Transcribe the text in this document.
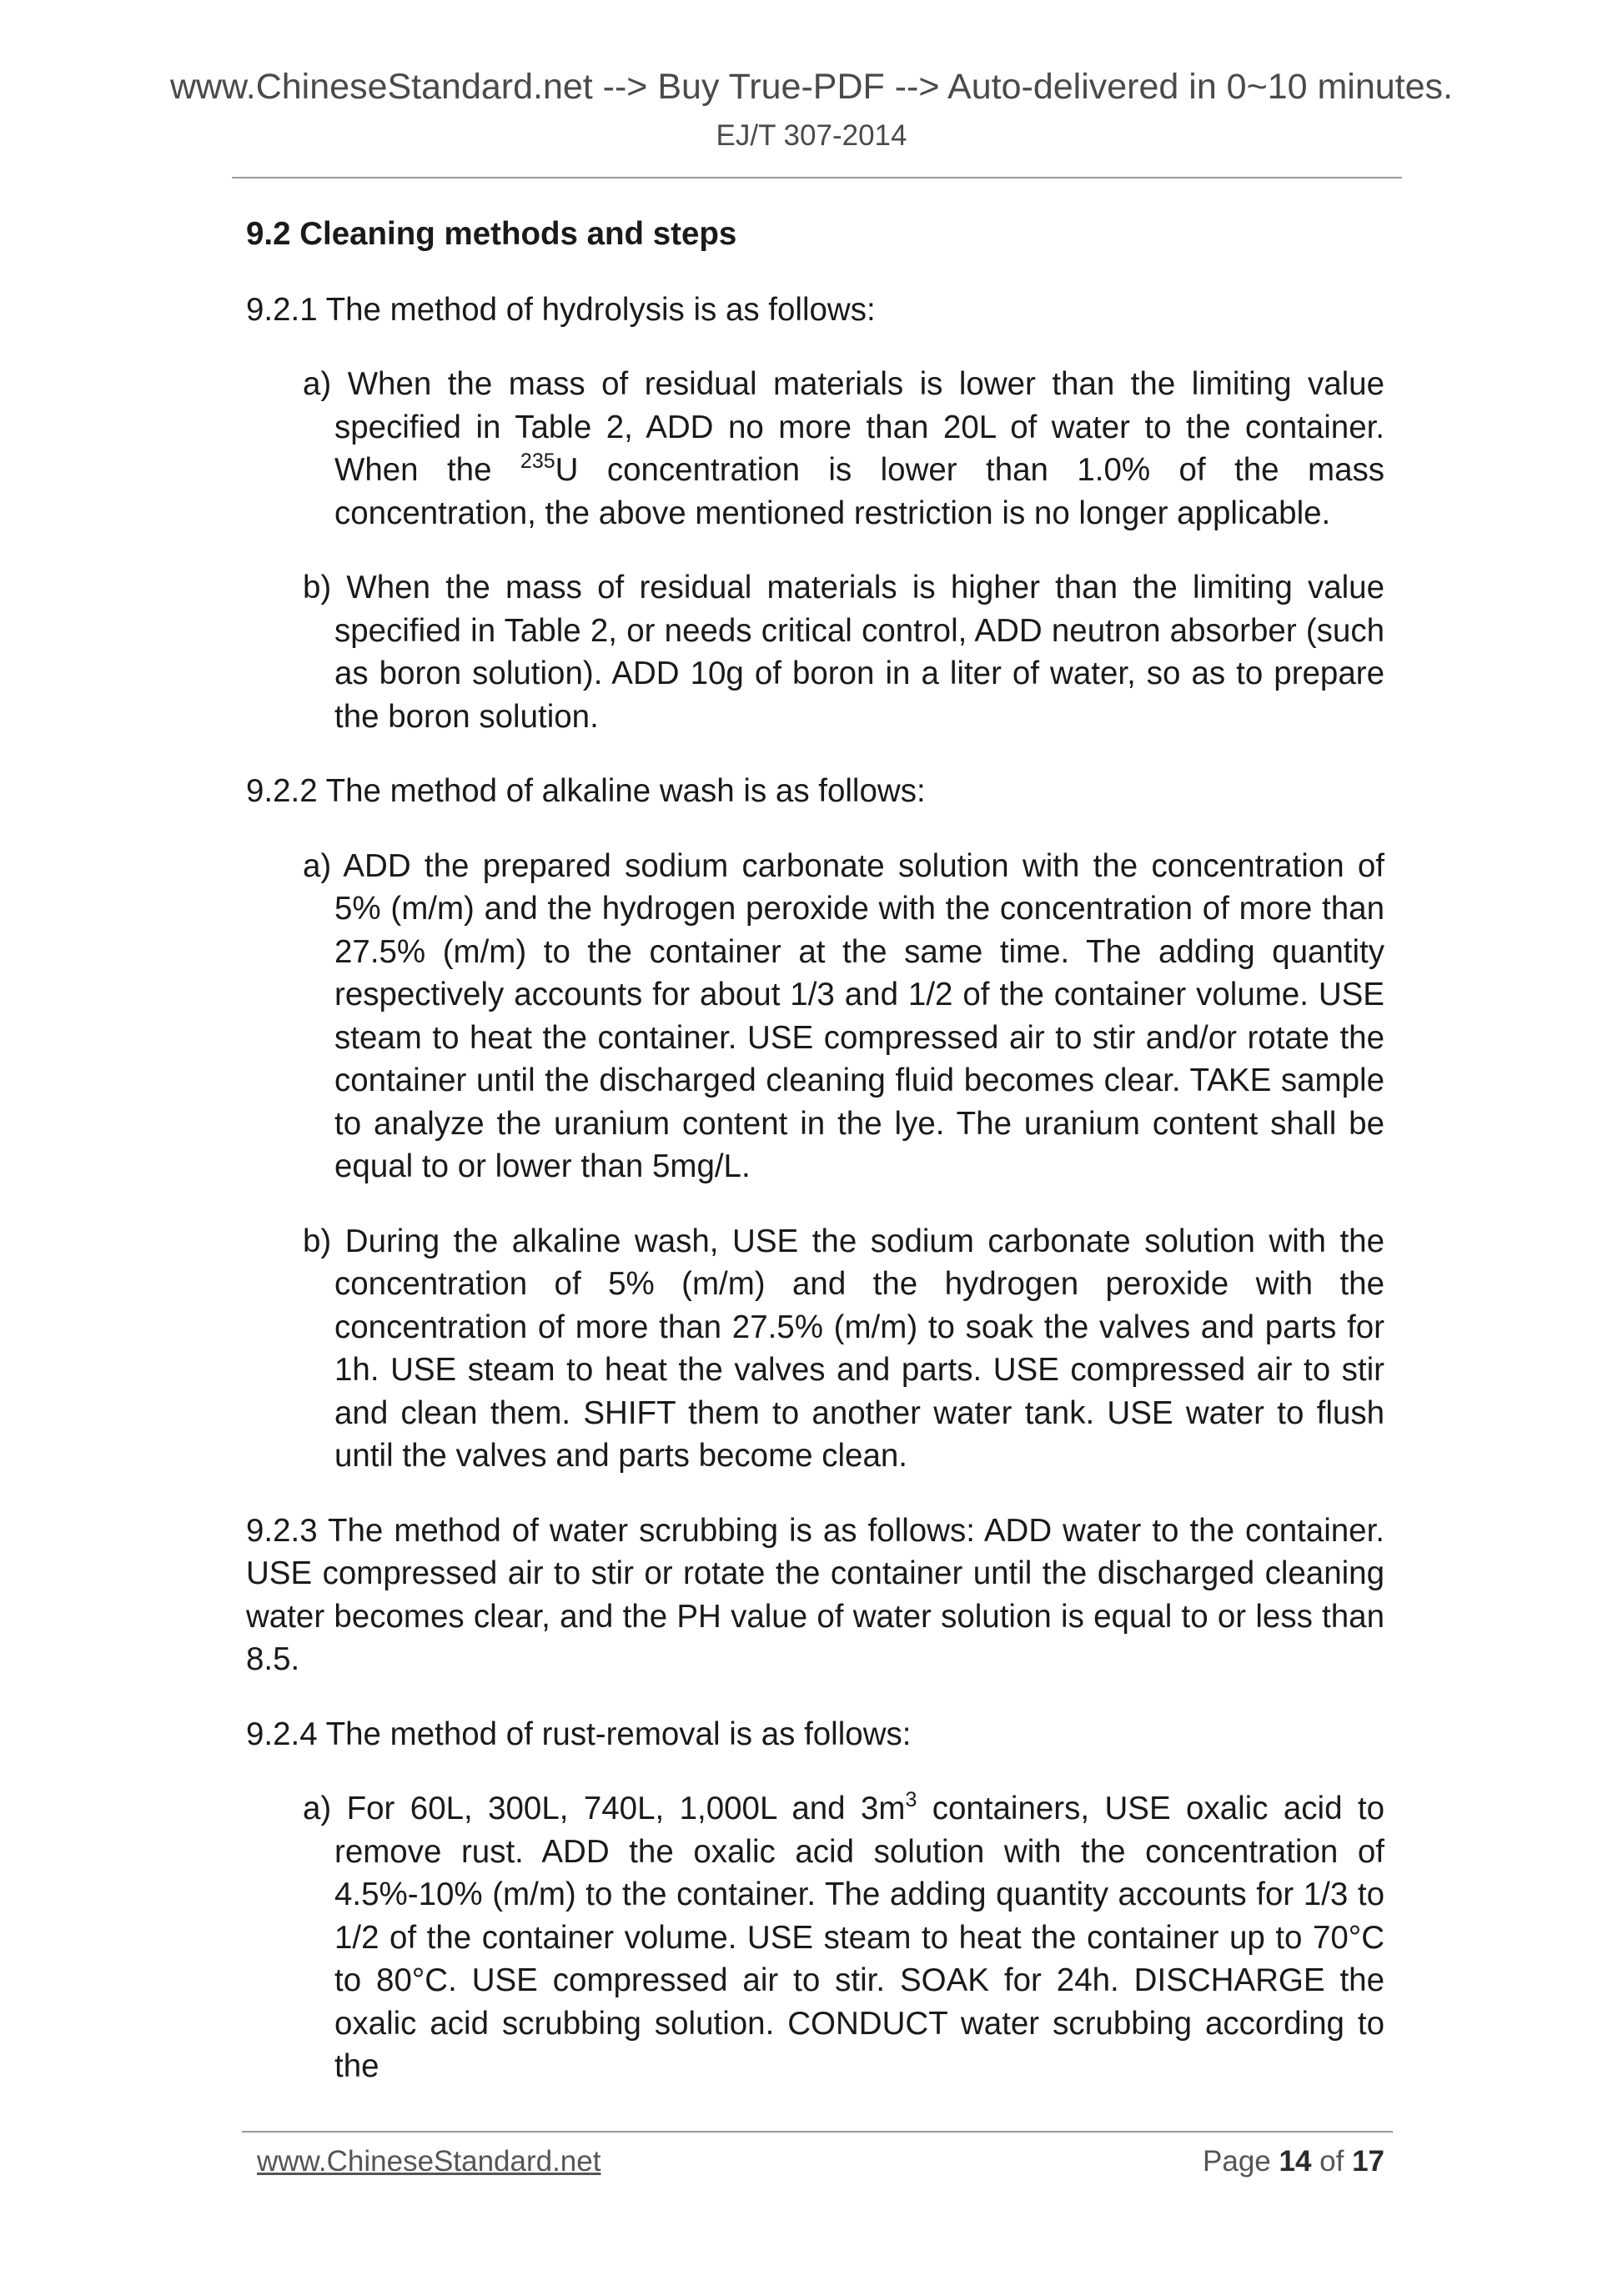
www.ChineseStandard.net --> Buy True-PDF --> Auto-delivered in 0~10 minutes.
EJ/T 307-2014

9.2 Cleaning methods and steps

9.2.1 The method of hydrolysis is as follows:

a) When the mass of residual materials is lower than the limiting value specified in Table 2, ADD no more than 20L of water to the container. When the $^{235}$U concentration is lower than 1.0% of the mass concentration, the above mentioned restriction is no longer applicable.

b) When the mass of residual materials is higher than the limiting value specified in Table 2, or needs critical control, ADD neutron absorber (such as boron solution). ADD 10g of boron in a liter of water, so as to prepare the boron solution.

9.2.2 The method of alkaline wash is as follows:

a) ADD the prepared sodium carbonate solution with the concentration of 5% (m/m) and the hydrogen peroxide with the concentration of more than 27.5% (m/m) to the container at the same time. The adding quantity respectively accounts for about 1/3 and 1/2 of the container volume. USE steam to heat the container. USE compressed air to stir and/or rotate the container until the discharged cleaning fluid becomes clear. TAKE sample to analyze the uranium content in the lye. The uranium content shall be equal to or lower than 5mg/L.

b) During the alkaline wash, USE the sodium carbonate solution with the concentration of 5% (m/m) and the hydrogen peroxide with the concentration of more than 27.5% (m/m) to soak the valves and parts for 1h. USE steam to heat the valves and parts. USE compressed air to stir and clean them. SHIFT them to another water tank. USE water to flush until the valves and parts become clean.

9.2.3 The method of water scrubbing is as follows: ADD water to the container. USE compressed air to stir or rotate the container until the discharged cleaning water becomes clear, and the PH value of water solution is equal to or less than 8.5.

9.2.4 The method of rust-removal is as follows:

a) For 60L, 300L, 740L, 1,000L and $3m^3$ containers, USE oxalic acid to remove rust. ADD the oxalic acid solution with the concentration of 4.5%-10% (m/m) to the container. The adding quantity accounts for 1/3 to 1/2 of the container volume. USE steam to heat the container up to 70°C to 80°C. USE compressed air to stir. SOAK for 24h. DISCHARGE the oxalic acid scrubbing solution. CONDUCT water scrubbing according to the

www.ChineseStandard.net	Page 14 of 17
